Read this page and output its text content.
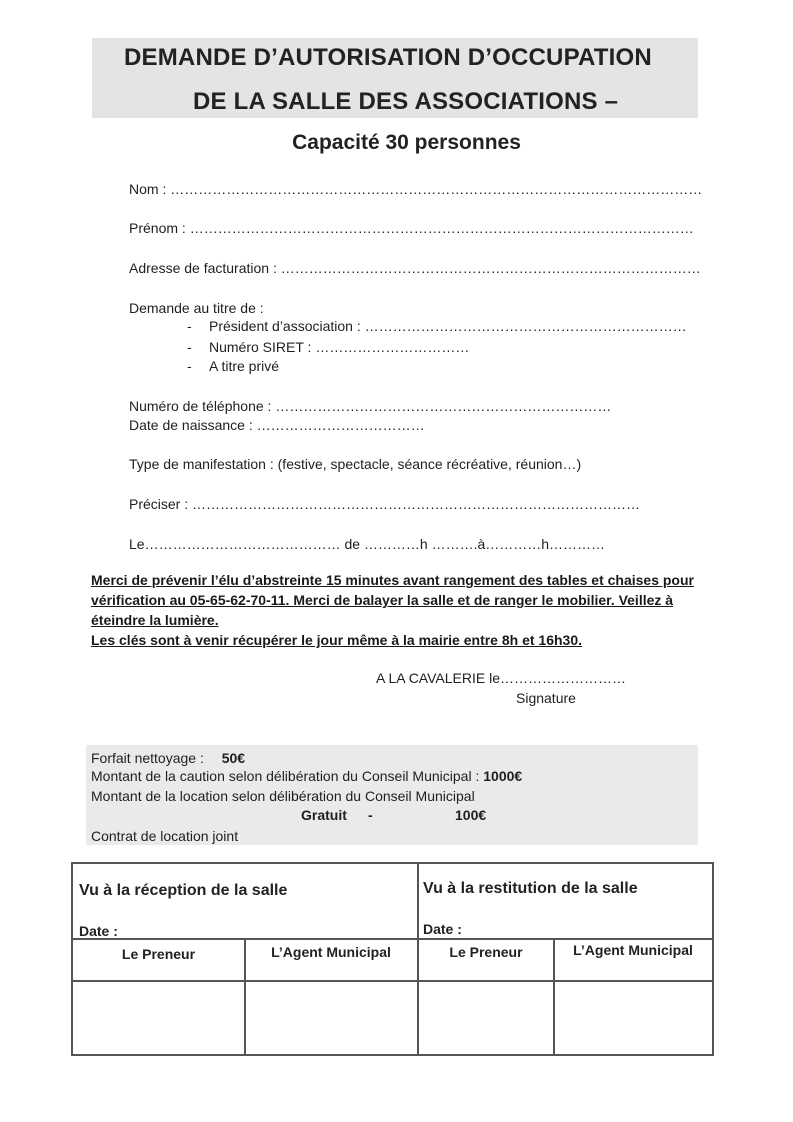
DEMANDE D’AUTORISATION D’OCCUPATION
DE LA SALLE DES ASSOCIATIONS –
Capacité 30 personnes
Nom : ……………………………………………………………………………………………………
Prénom : ………………………………………………………………………………………………
Adresse de facturation : ………………………………………………………………………………
Demande au titre de :
- Président d’association : ……………………………………………………………
- Numéro SIRET : ……………………………
- A titre privé
Numéro de téléphone : ………………………………………………………………
Date de naissance : ………………………………
Type de manifestation : (festive, spectacle, séance récréative, réunion…)
Préciser : ……………………………………………………………………………………
Le…………………………………… de …………h ……….à…………h…………
Merci de prévenir l’élu d’abstreinte 15 minutes avant rangement des tables et chaises pour vérification au 05-65-62-70-11. Merci de balayer la salle et de ranger le mobilier. Veillez à éteindre la lumière.
Les clés sont à venir récupérer le jour même à la mairie entre 8h et 16h30.
A LA CAVALERIE le………………………
Signature
Forfait nettoyage : 50€
Montant de la caution selon délibération du Conseil Municipal : 1000€
Montant de la location selon délibération du Conseil Municipal
Gratuit -	100€
Contrat de location joint
Vu à la réception de la salle	Vu à la restitution de la salle
Date :	Date :
Le Preneur	L’Agent Municipal	Le Preneur	L’Agent Municipal
